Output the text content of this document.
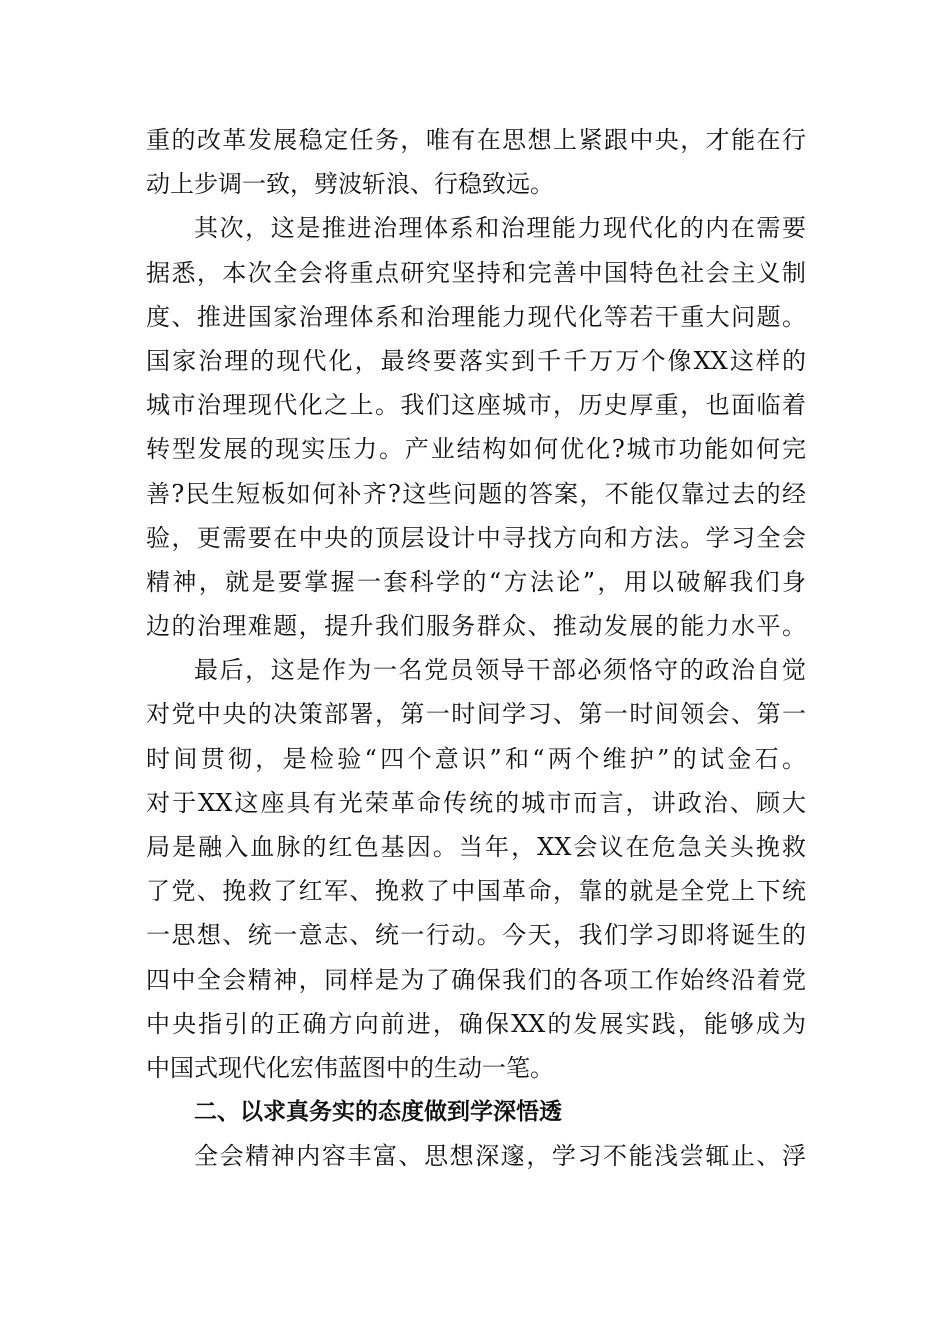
重的改革发展稳定任务，唯有在思想上紧跟中央，才能在行
动上步调一致，劈波斩浪、行稳致远。
其次，这是推进治理体系和治理能力现代化的内在需要
据悉，本次全会将重点研究坚持和完善中国特色社会主义制
度、推进国家治理体系和治理能力现代化等若干重大问题。
国家治理的现代化，最终要落实到千千万万个像XX这样的
城市治理现代化之上。我们这座城市，历史厚重，也面临着
转型发展的现实压力。产业结构如何优化?城市功能如何完
善?民生短板如何补齐?这些问题的答案，不能仅靠过去的经
验，更需要在中央的顶层设计中寻找方向和方法。学习全会
精神，就是要掌握一套科学的“方法论”，用以破解我们身
边的治理难题，提升我们服务群众、推动发展的能力水平。
最后，这是作为一名党员领导干部必须恪守的政治自觉
对党中央的决策部署，第一时间学习、第一时间领会、第一
时间贯彻，是检验“四个意识”和“两个维护”的试金石。
对于XX这座具有光荣革命传统的城市而言，讲政治、顾大
局是融入血脉的红色基因。当年，XX会议在危急关头挽救
了党、挽救了红军、挽救了中国革命，靠的就是全党上下统
一思想、统一意志、统一行动。今天，我们学习即将诞生的
四中全会精神，同样是为了确保我们的各项工作始终沿着党
中央指引的正确方向前进，确保XX的发展实践，能够成为
中国式现代化宏伟蓝图中的生动一笔。
二、以求真务实的态度做到学深悟透
全会精神内容丰富、思想深邃，学习不能浅尝辄止、浮
